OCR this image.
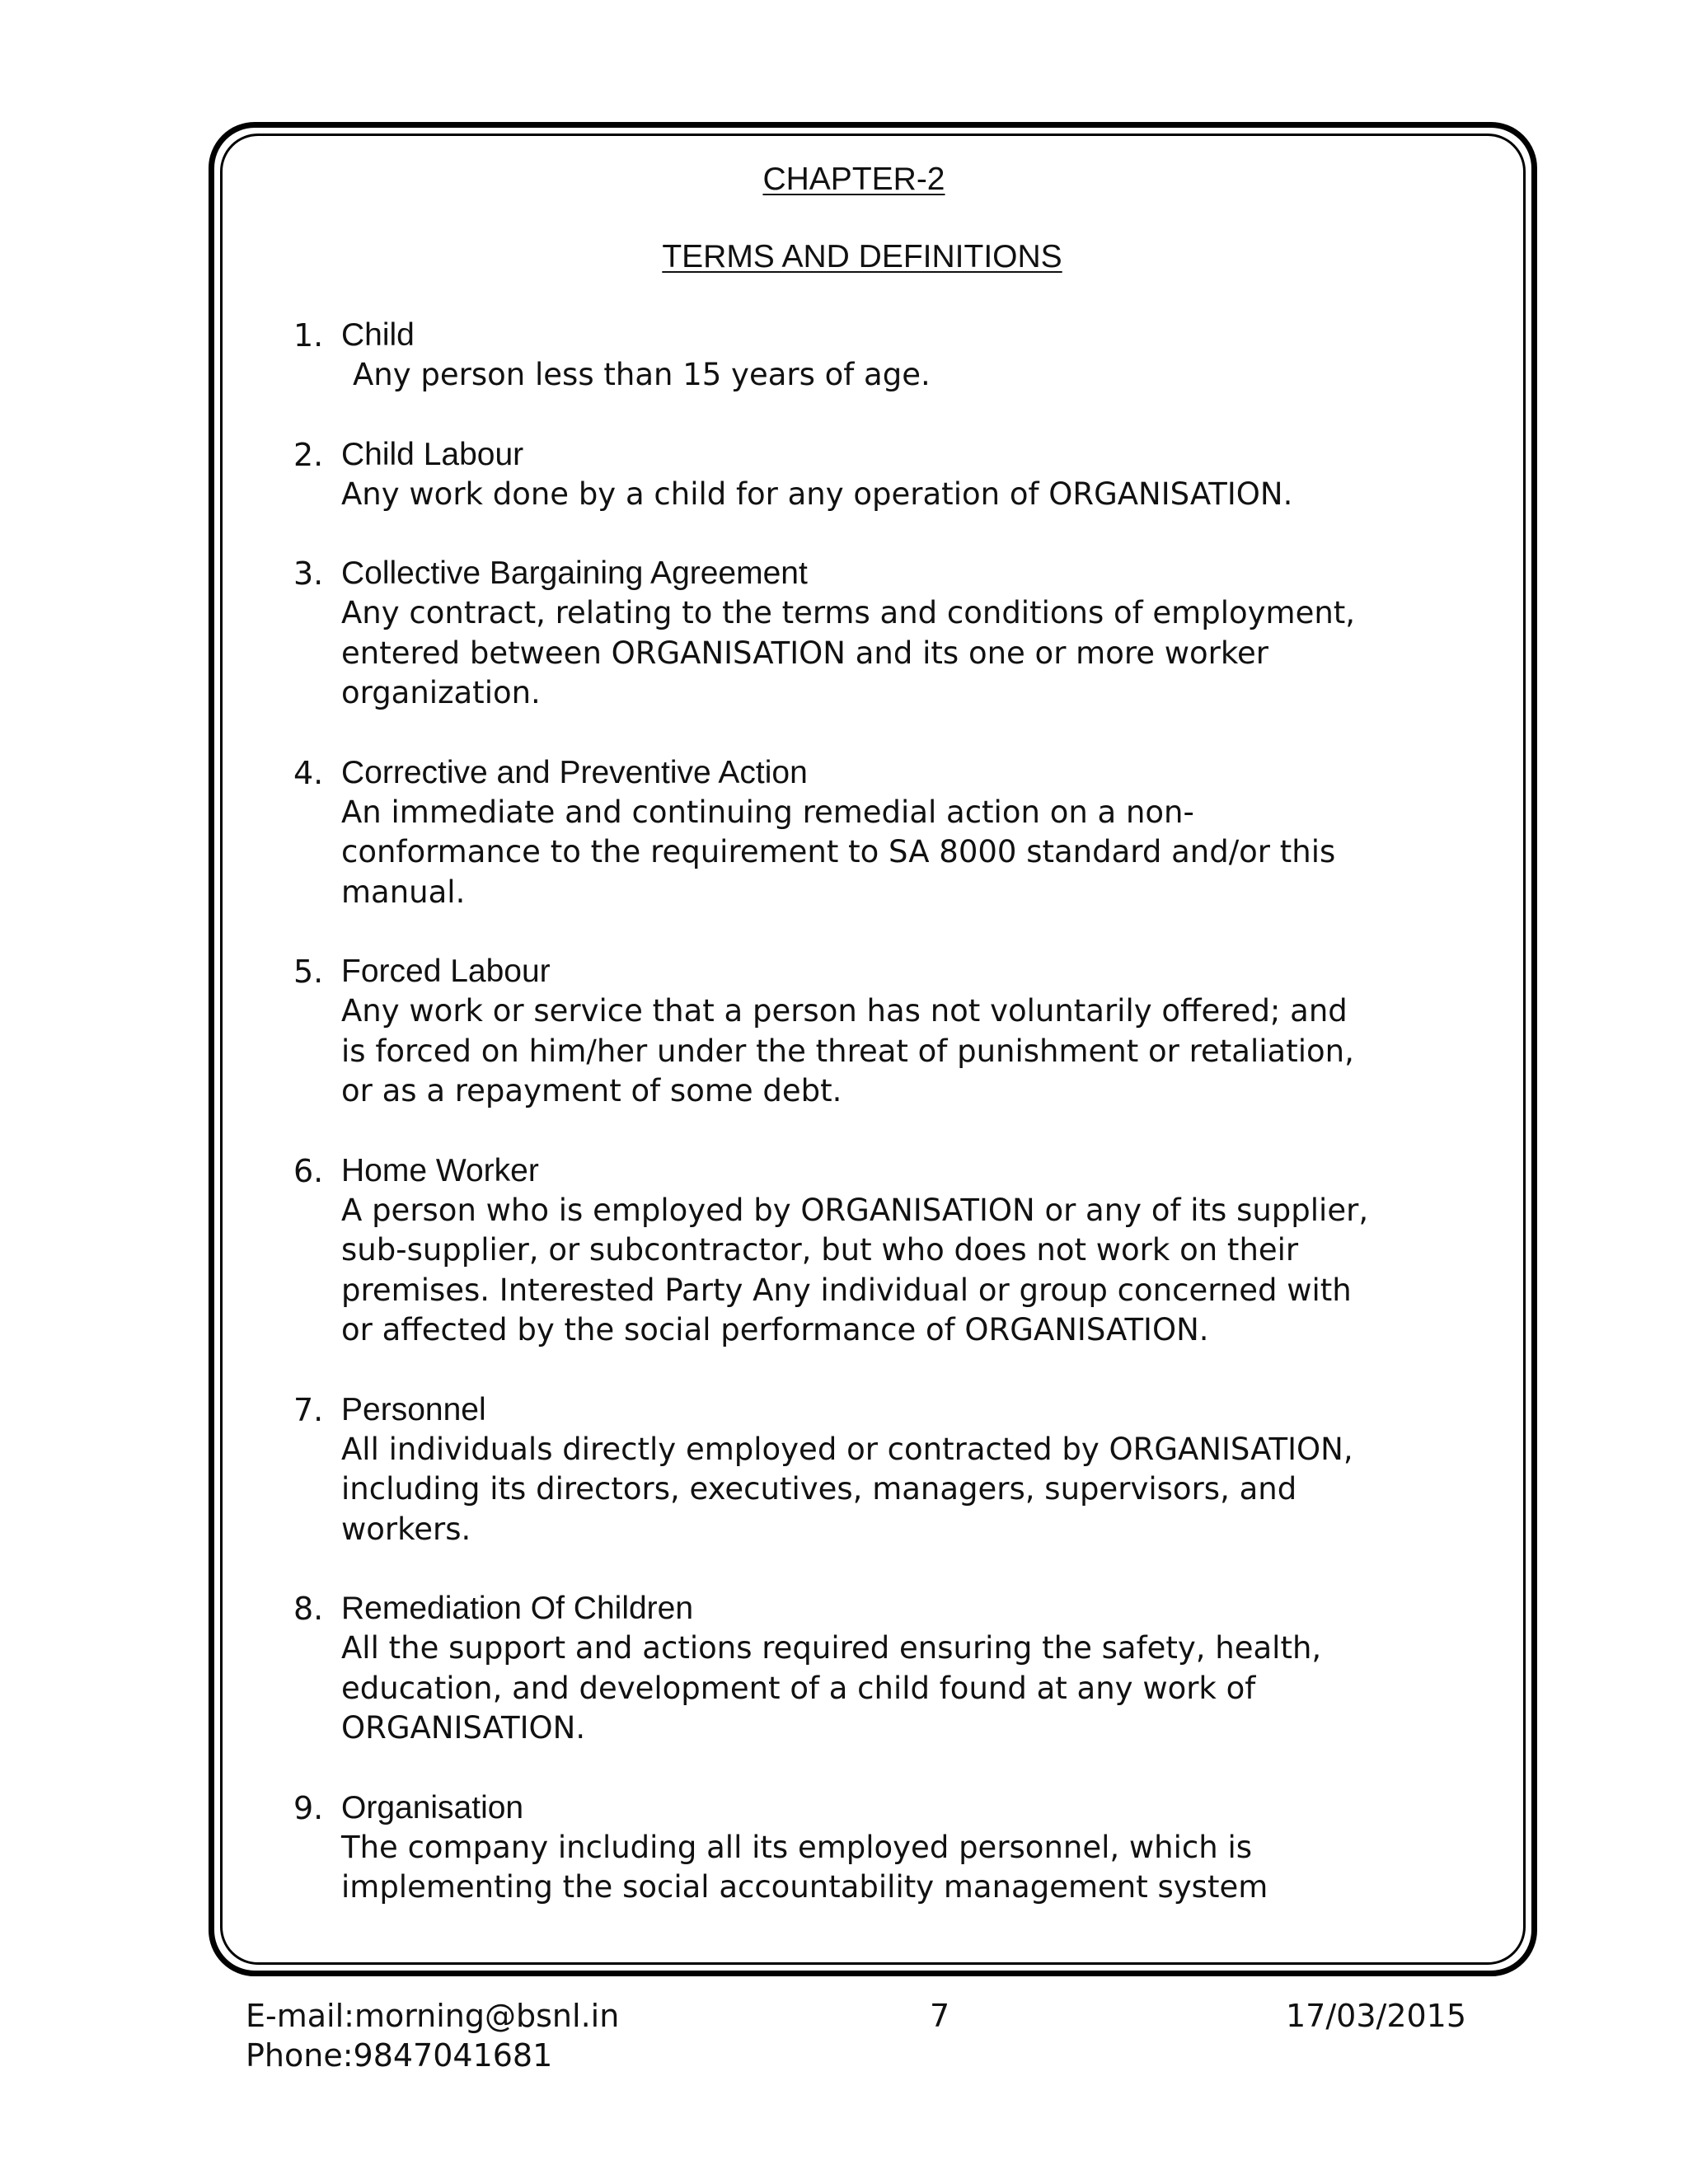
CHAPTER-2
TERMS AND DEFINITIONS
1. Child
Any person less than 15 years of age.
2. Child Labour
Any work done by a child for any operation of ORGANISATION.
3. Collective Bargaining Agreement
Any contract, relating to the terms and conditions of employment,
entered between ORGANISATION and its one or more worker
organization.
4. Corrective and Preventive Action
An immediate and continuing remedial action on a non-
conformance to the requirement to SA 8000 standard and/or this
manual.
5. Forced Labour
Any work or service that a person has not voluntarily offered; and
is forced on him/her under the threat of punishment or retaliation,
or as a repayment of some debt.
6. Home Worker
A person who is employed by ORGANISATION or any of its supplier,
sub-supplier, or subcontractor, but who does not work on their
premises. Interested Party Any individual or group concerned with
or affected by the social performance of ORGANISATION.
7. Personnel
All individuals directly employed or contracted by ORGANISATION,
including its directors, executives, managers, supervisors, and
workers.
8. Remediation Of Children
All the support and actions required ensuring the safety, health,
education, and development of a child found at any work of
ORGANISATION.
9. Organisation
The company including all its employed personnel, which is
implementing the social accountability management system
E-mail:morning@bsnl.in
Phone:9847041681
7	17/03/2015
